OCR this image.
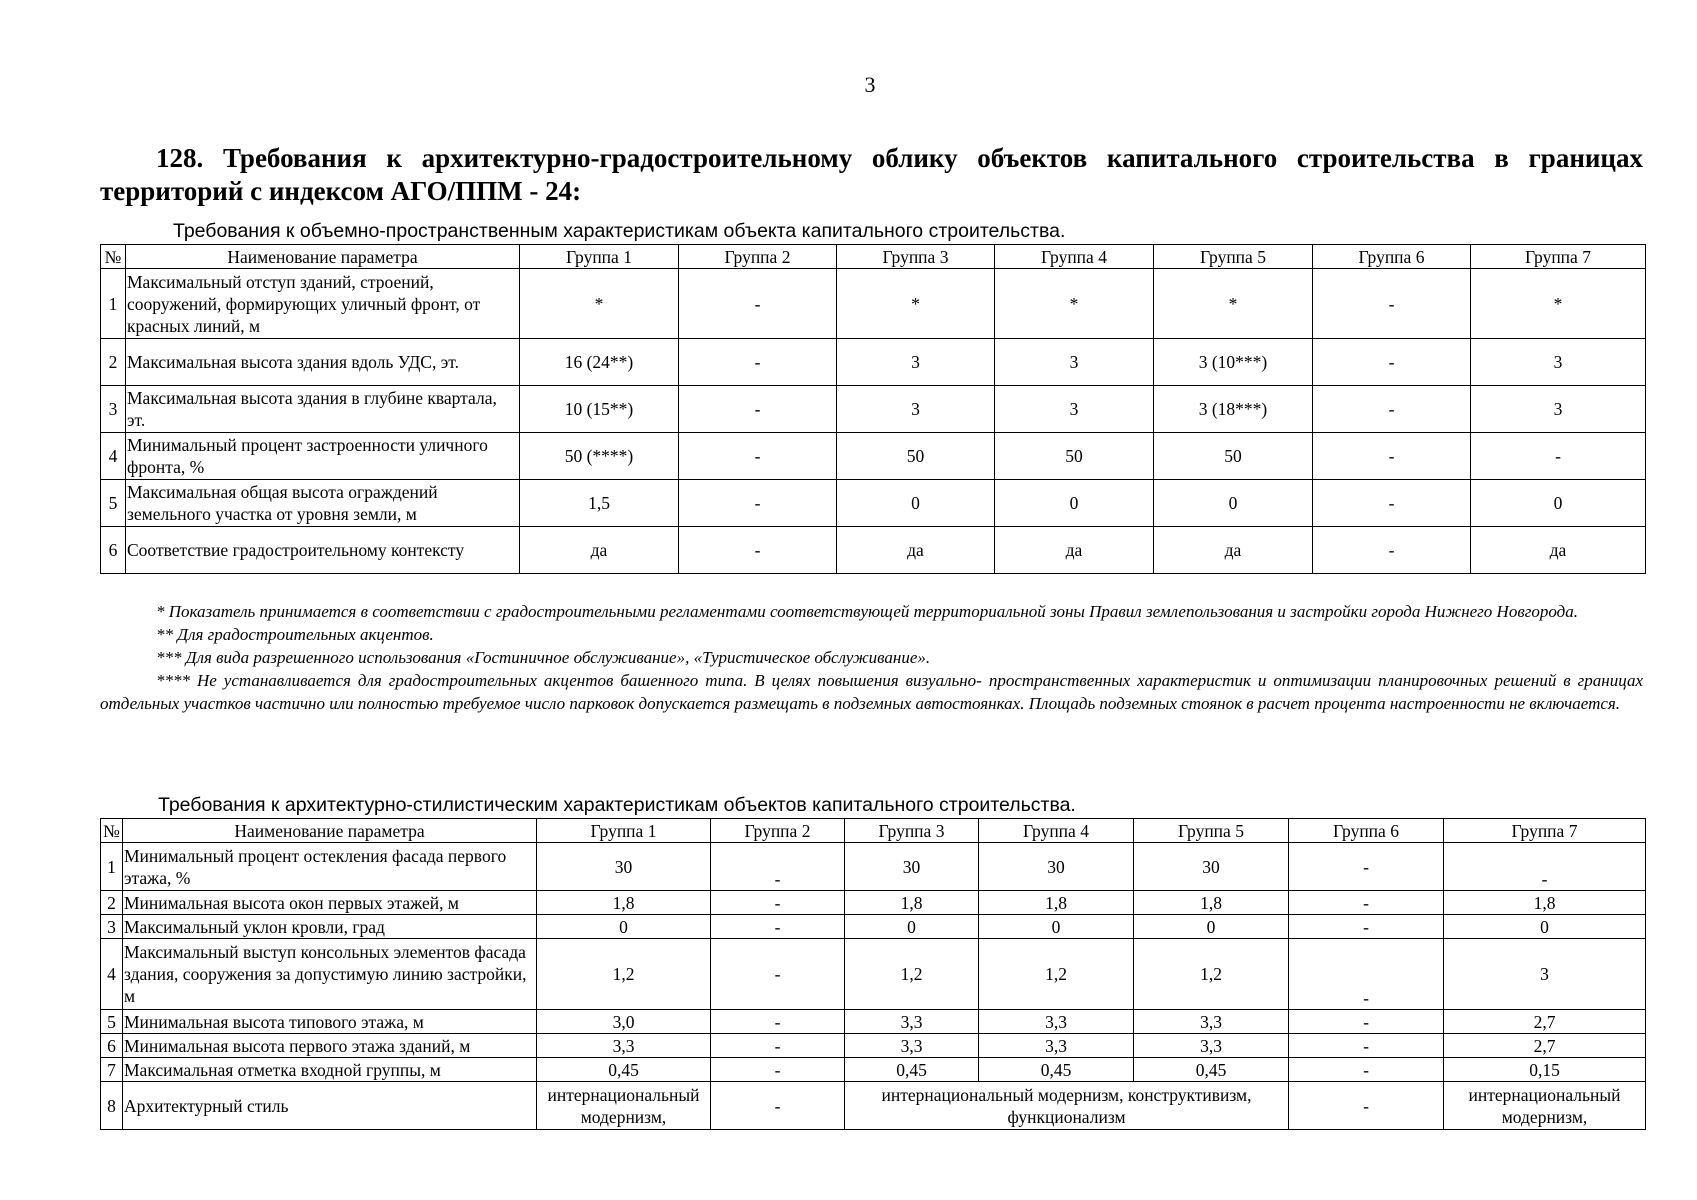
3
128. Требования к архитектурно-градостроительному облику объектов капитального строительства в границах территорий с индексом АГО/ППМ - 24:
Требования к объемно-пространственным характеристикам объекта капитального строительства.
№	Наименование параметра	Группа 1	Группа 2	Группа 3	Группа 4	Группа 5	Группа 6	Группа 7
1	Максимальный отступ зданий, строений, сооружений, формирующих уличный фронт, от красных линий, м	*	-	*	*	*	-	*
2	Максимальная высота здания вдоль УДС, эт.	16 (24**)	-	3	3	3 (10***)	-	3
3	Максимальная высота здания в глубине квартала, эт.	10 (15**)	-	3	3	3 (18***)	-	3
4	Минимальный процент застроенности уличного фронта, %	50 (****)	-	50	50	50	-	-
5	Максимальная общая высота ограждений земельного участка от уровня земли, м	1,5	-	0	0	0	-	0
6	Соответствие градостроительному контексту	да	-	да	да	да	-	да

* Показатель принимается в соответствии с градостроительными регламентами соответствующей территориальной зоны Правил землепользования и застройки города Нижнего Новгорода.

** Для градостроительных акцентов.

*** Для вида разрешенного использования «Гостиничное обслуживание», «Туристическое обслуживание».

**** Не устанавливается для градостроительных акцентов башенного типа. В целях повышения визуально- пространственных характеристик и оптимизации планировочных решений в границах отдельных участков частично или полностью требуемое число парковок допускается размещать в подземных автостоянках. Площадь подземных стоянок в расчет процента настроенности не включается.

Требования к архитектурно-стилистическим характеристикам объектов капитального строительства.
№	Наименование параметра	Группа 1	Группа 2	Группа 3	Группа 4	Группа 5	Группа 6	Группа 7
1	Минимальный процент остекления фасада первого этажа, %	30	-	30	30	30	-	-
2	Минимальная высота окон первых этажей, м	1,8	-	1,8	1,8	1,8	-	1,8
3	Максимальный уклон кровли, град	0	-	0	0	0	-	0
4	Максимальный выступ консольных элементов фасада здания, сооружения за допустимую линию застройки, м	1,2	-	1,2	1,2	1,2	-	3
5	Минимальная высота типового этажа, м	3,0	-	3,3	3,3	3,3	-	2,7
6	Минимальная высота первого этажа зданий, м	3,3	-	3,3	3,3	3,3	-	2,7
7	Максимальная отметка входной группы, м	0,45	-	0,45	0,45	0,45	-	0,15
8	Архитектурный стиль	интернациональный модернизм,	-	интернациональный модернизм, конструктивизм, функционализм			-	интернациональный модернизм,
